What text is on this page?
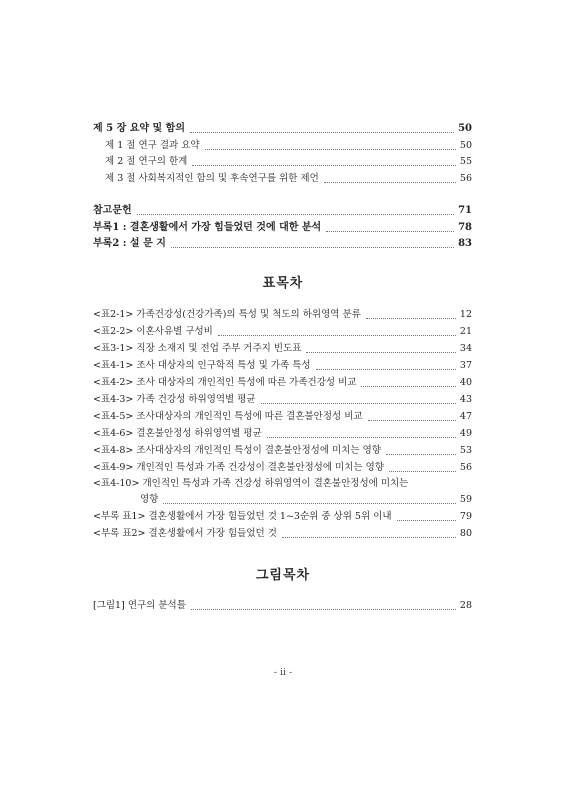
제 5 장 요약 및 함의	50
제 1 절 연구 결과 요약	50
제 2 절 연구의 한계	55
제 3 절 사회복지적인 함의 및 후속연구를 위한 제언	56
참고문헌	71
부록1 : 결혼생활에서 가장 힘들었던 것에 대한 분석	78
부록2 : 설 문 지	83
표목차
<표2-1> 가족건강성(건강가족)의 특성 및 척도의 하위영역 분류	12
<표2-2> 이혼사유별 구성비	21
<표3-1> 직장 소재지 및 전업 주부 거주지 빈도표	34
<표4-1> 조사 대상자의 인구학적 특성 및 가족 특성	37
<표4-2> 조사 대상자의 개인적인 특성에 따른 가족건강성 비교	40
<표4-3> 가족 건강성 하위영역별 평균	43
<표4-5> 조사대상자의 개인적인 특성에 따른 결혼불안정성 비교	47
<표4-6> 결혼불안정성 하위영역별 평균	49
<표4-8> 조사대상자의 개인적인 특성이 결혼불안정성에 미치는 영향	53
<표4-9> 개인적인 특성과 가족 건강성이 결혼불안정성에 미치는 영향	56
<표4-10> 개인적인 특성과 가족 건강성 하위영역이 결혼불안정성에 미치는
영향	59
<부록 표1> 결혼생활에서 가장 힘들었던 것 1~3순위 중 상위 5위 이내	79
<부록 표2> 결혼생활에서 가장 힘들었던 것	80
그림목차
[그림1] 연구의 분석틀	28
- ii -
